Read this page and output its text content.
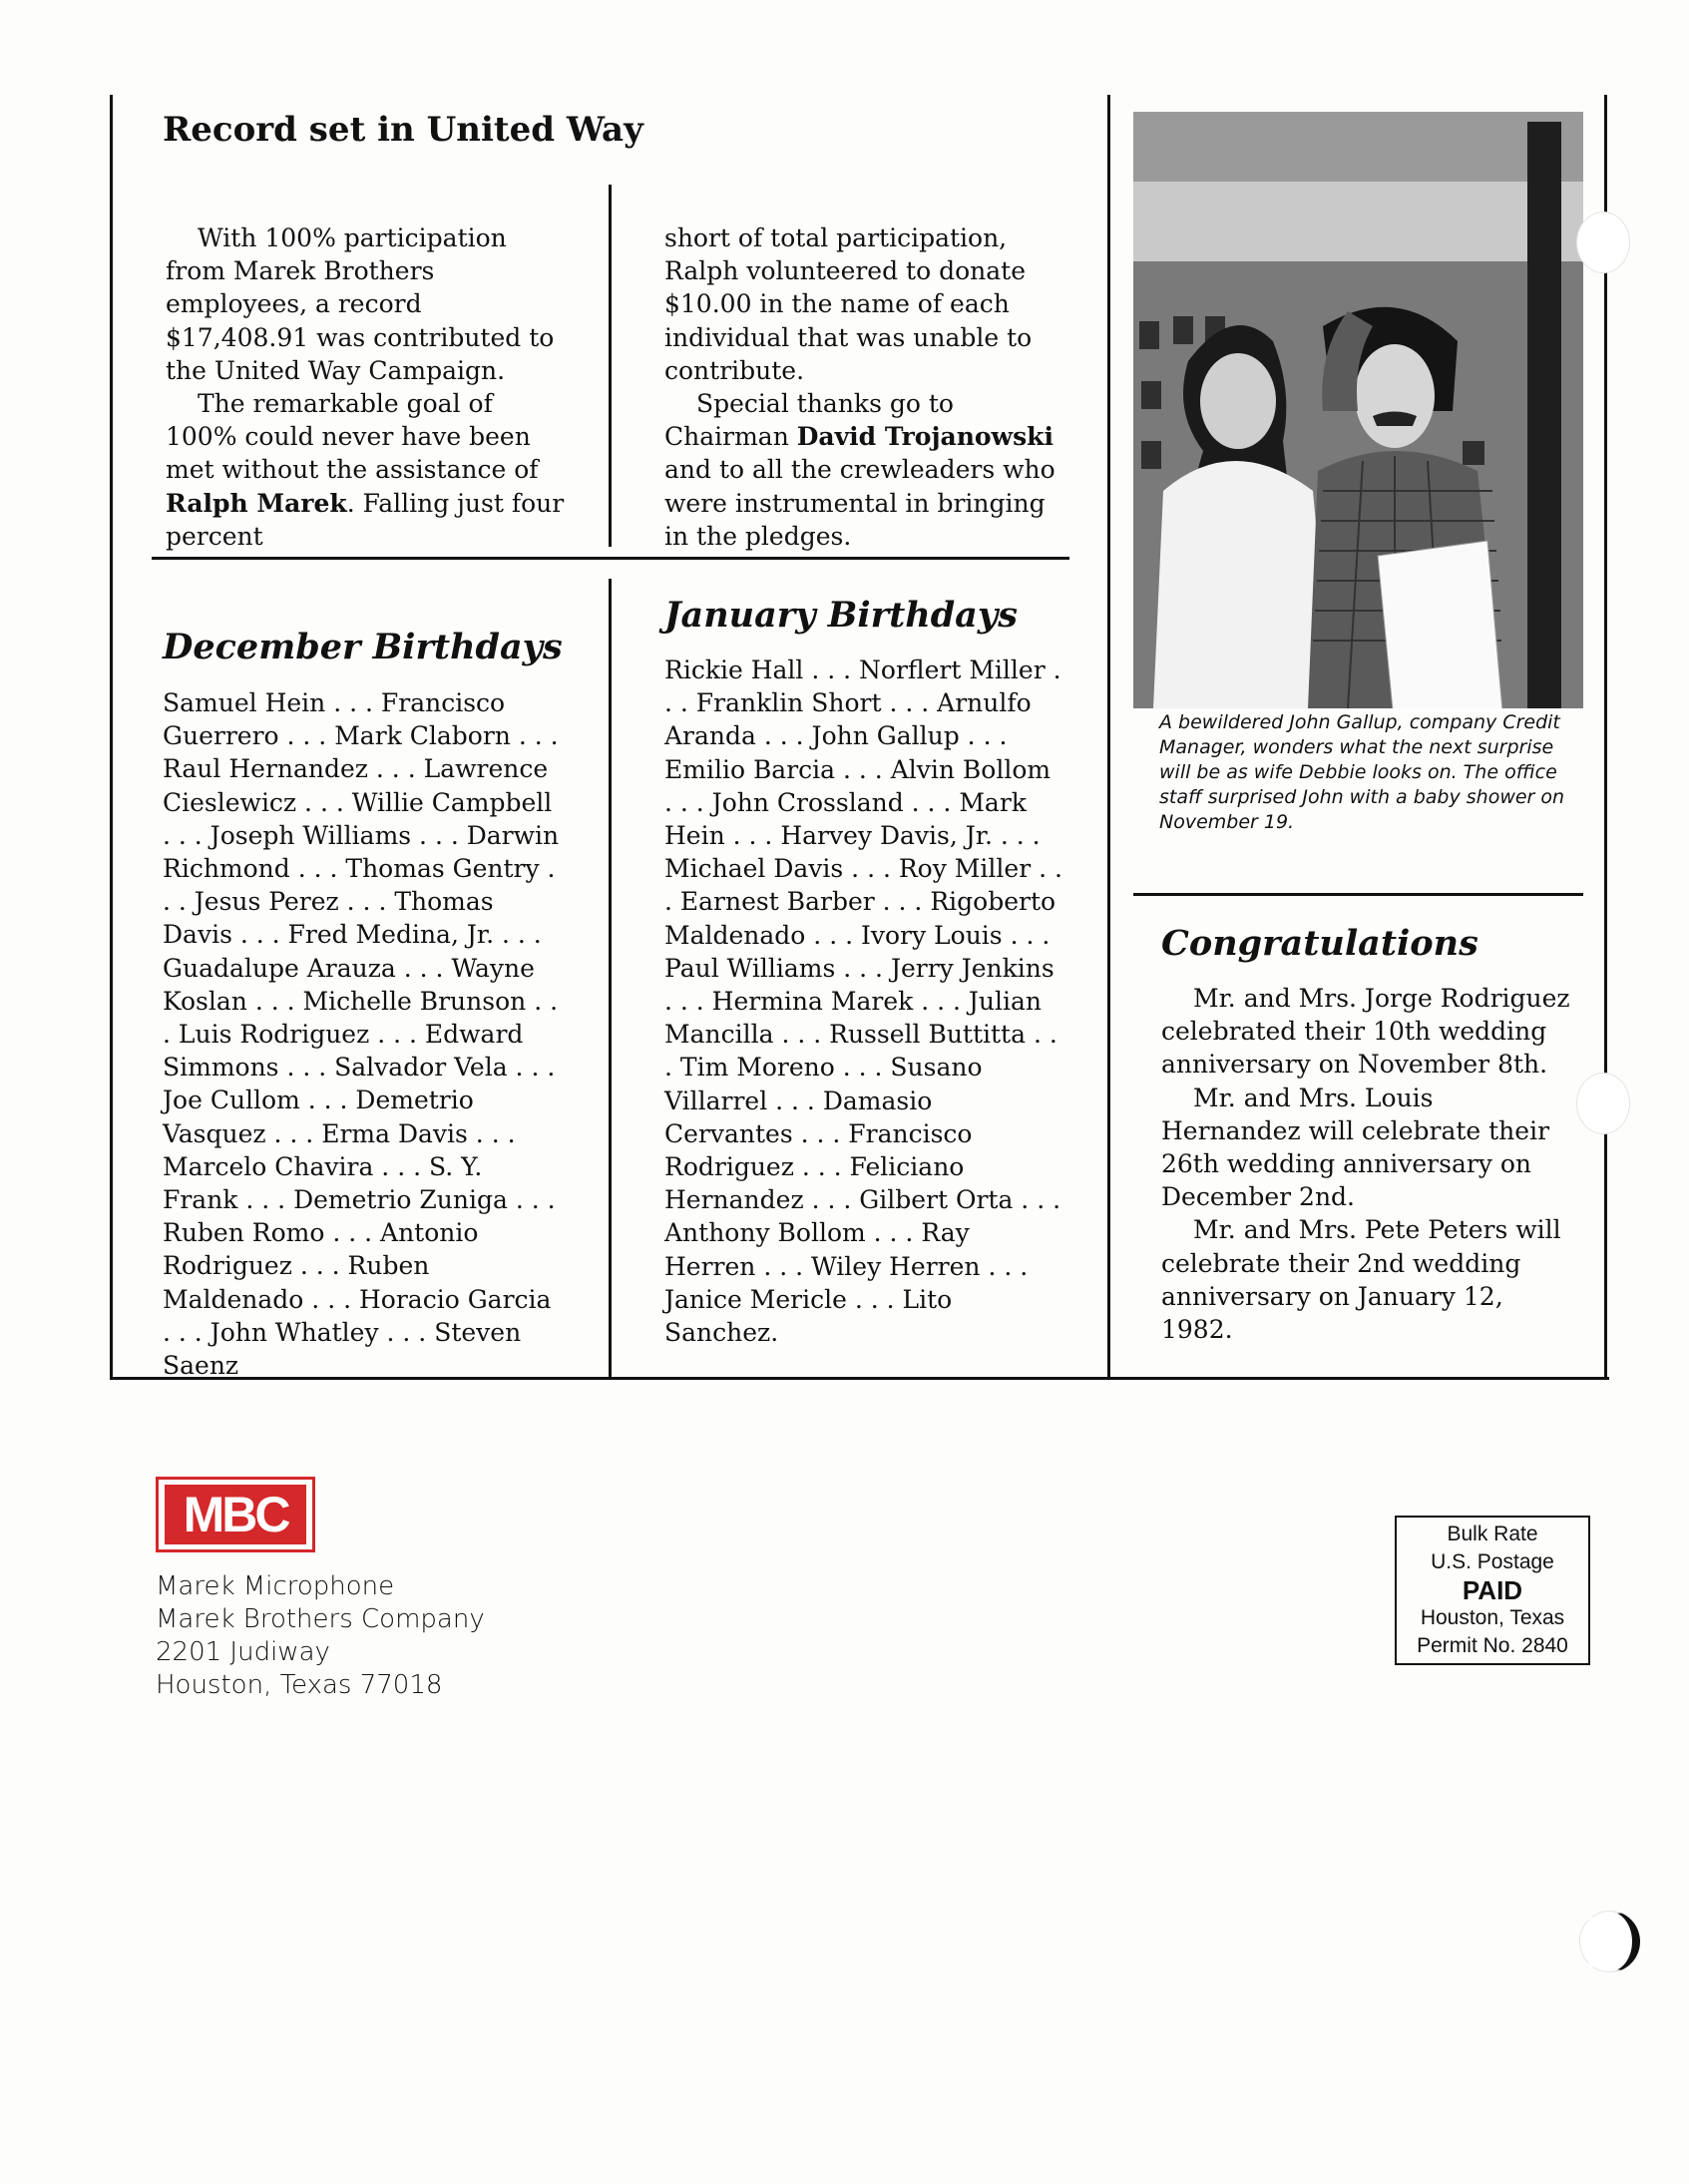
Record set in United Way

With 100% participation from Marek Brothers employees, a record $17,408.91 was contributed to the United Way Campaign.

The remarkable goal of 100% could never have been met without the assistance of Ralph Marek. Falling just four percent

short of total participation, Ralph volunteered to donate $10.00 in the name of each individual that was unable to contribute.

Special thanks go to Chairman David Trojanowski and to all the crewleaders who were instrumental in bringing in the pledges.

December Birthdays
Samuel Hein . . . Francisco Guerrero . . . Mark Claborn . . . Raul Hernandez . . . Lawrence Cieslewicz . . . Willie Campbell . . . Joseph Williams . . . Darwin Richmond . . . Thomas Gentry . . . Jesus Perez . . . Thomas Davis . . . Fred Medina, Jr. . . . Guadalupe Arauza . . . Wayne Koslan . . . Michelle Brunson . . . Luis Rodriguez . . . Edward Simmons . . . Salvador Vela . . . Joe Cullom . . . Demetrio Vasquez . . . Erma Davis . . . Marcelo Chavira . . . S. Y. Frank . . . Demetrio Zuniga . . . Ruben Romo . . . Antonio Rodriguez . . . Ruben Maldenado . . . Horacio Garcia . . . John Whatley . . . Steven Saenz
January Birthdays
Rickie Hall . . . Norflert Miller . . . Franklin Short . . . Arnulfo Aranda . . . John Gallup . . . Emilio Barcia . . . Alvin Bollom . . . John Crossland . . . Mark Hein . . . Harvey Davis, Jr. . . . Michael Davis . . . Roy Miller . . . Earnest Barber . . . Rigoberto Maldenado . . . Ivory Louis . . . Paul Williams . . . Jerry Jenkins . . . Hermina Marek . . . Julian Mancilla . . . Russell Buttitta . . . Tim Moreno . . . Susano Villarrel . . . Damasio Cervantes . . . Francisco Rodriguez . . . Feliciano Hernandez . . . Gilbert Orta . . . Anthony Bollom . . . Ray Herren . . . Wiley Herren . . . Janice Mericle . . . Lito Sanchez.
A bewildered John Gallup, company Credit Manager, wonders what the next surprise will be as wife Debbie looks on. The office staff surprised John with a baby shower on November 19.
Congratulations

Mr. and Mrs. Jorge Rodriguez celebrated their 10th wedding anniversary on November 8th.

Mr. and Mrs. Louis Hernandez will celebrate their 26th wedding anniversary on December 2nd.

Mr. and Mrs. Pete Peters will celebrate their 2nd wedding anniversary on January 12, 1982.

MBC
Marek Microphone
Marek Brothers Company
2201 Judiway
Houston, Texas 77018
Bulk Rate
U.S. Postage
PAID
Houston, Texas
Permit No. 2840
